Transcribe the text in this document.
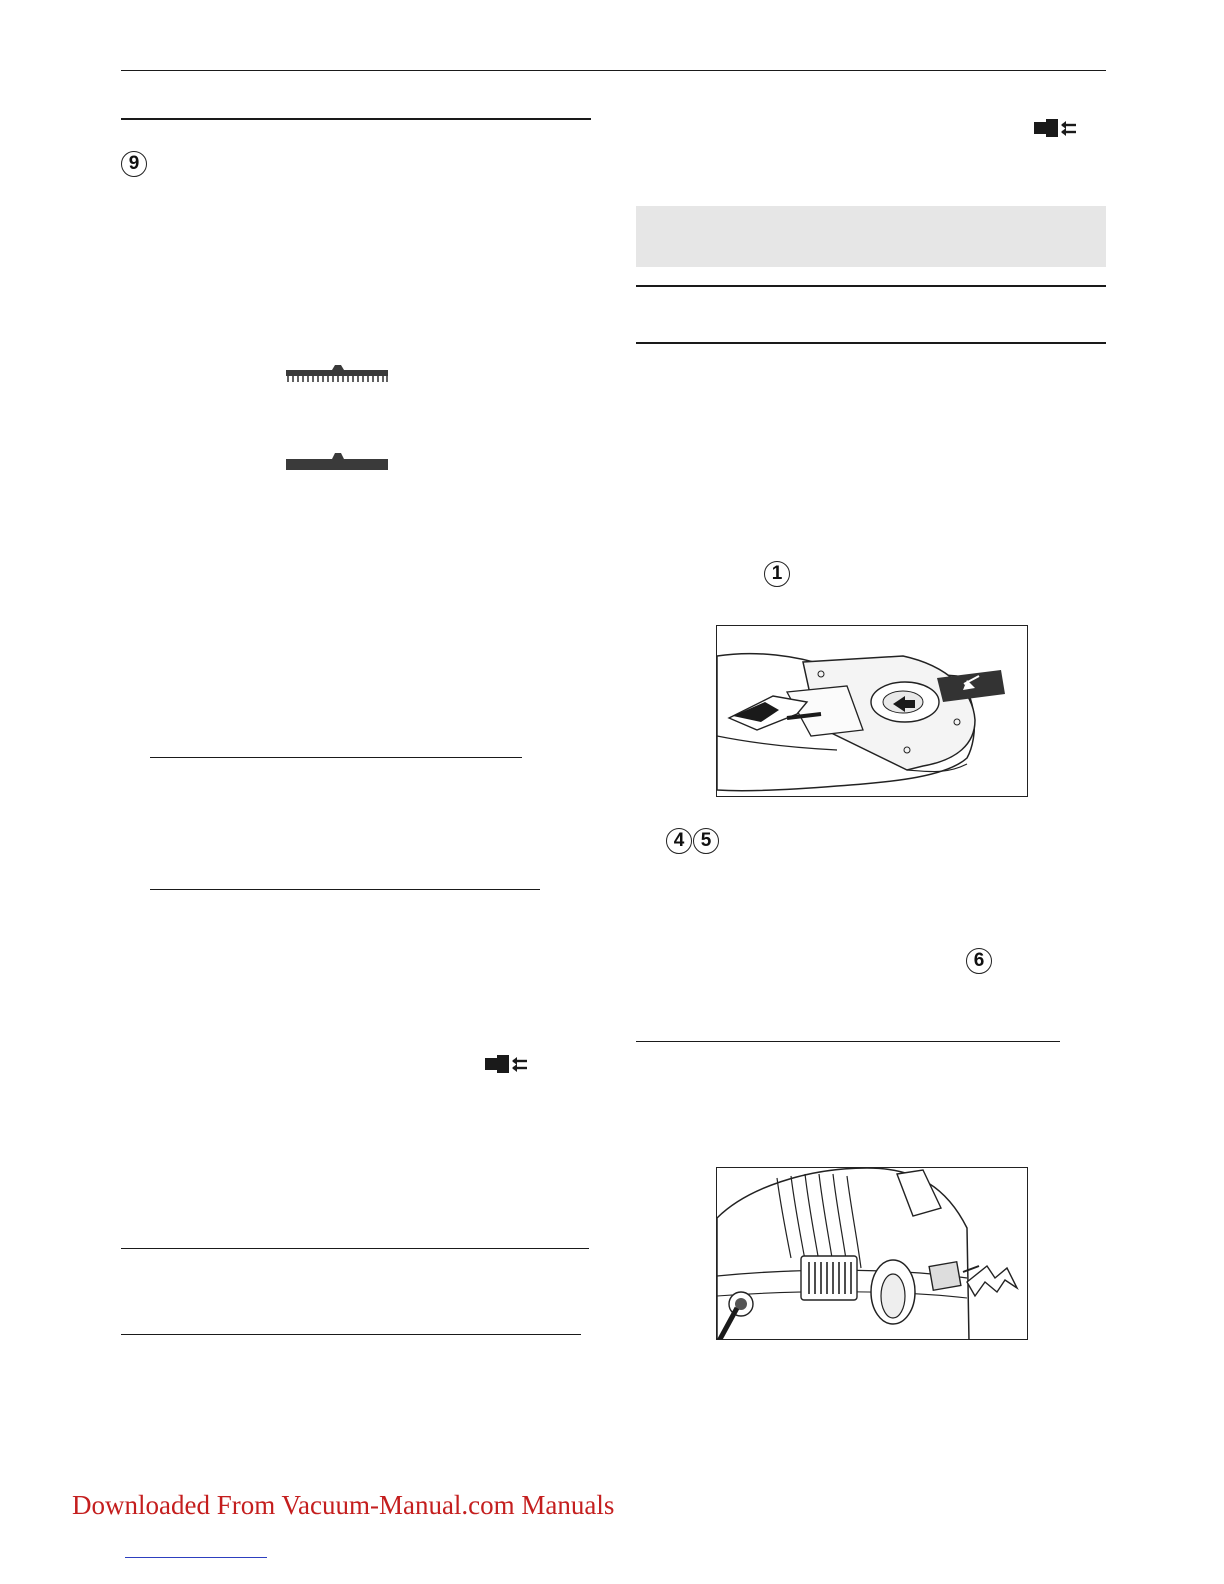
9
1
4 5
6
Downloaded From Vacuum-Manual.com Manuals
